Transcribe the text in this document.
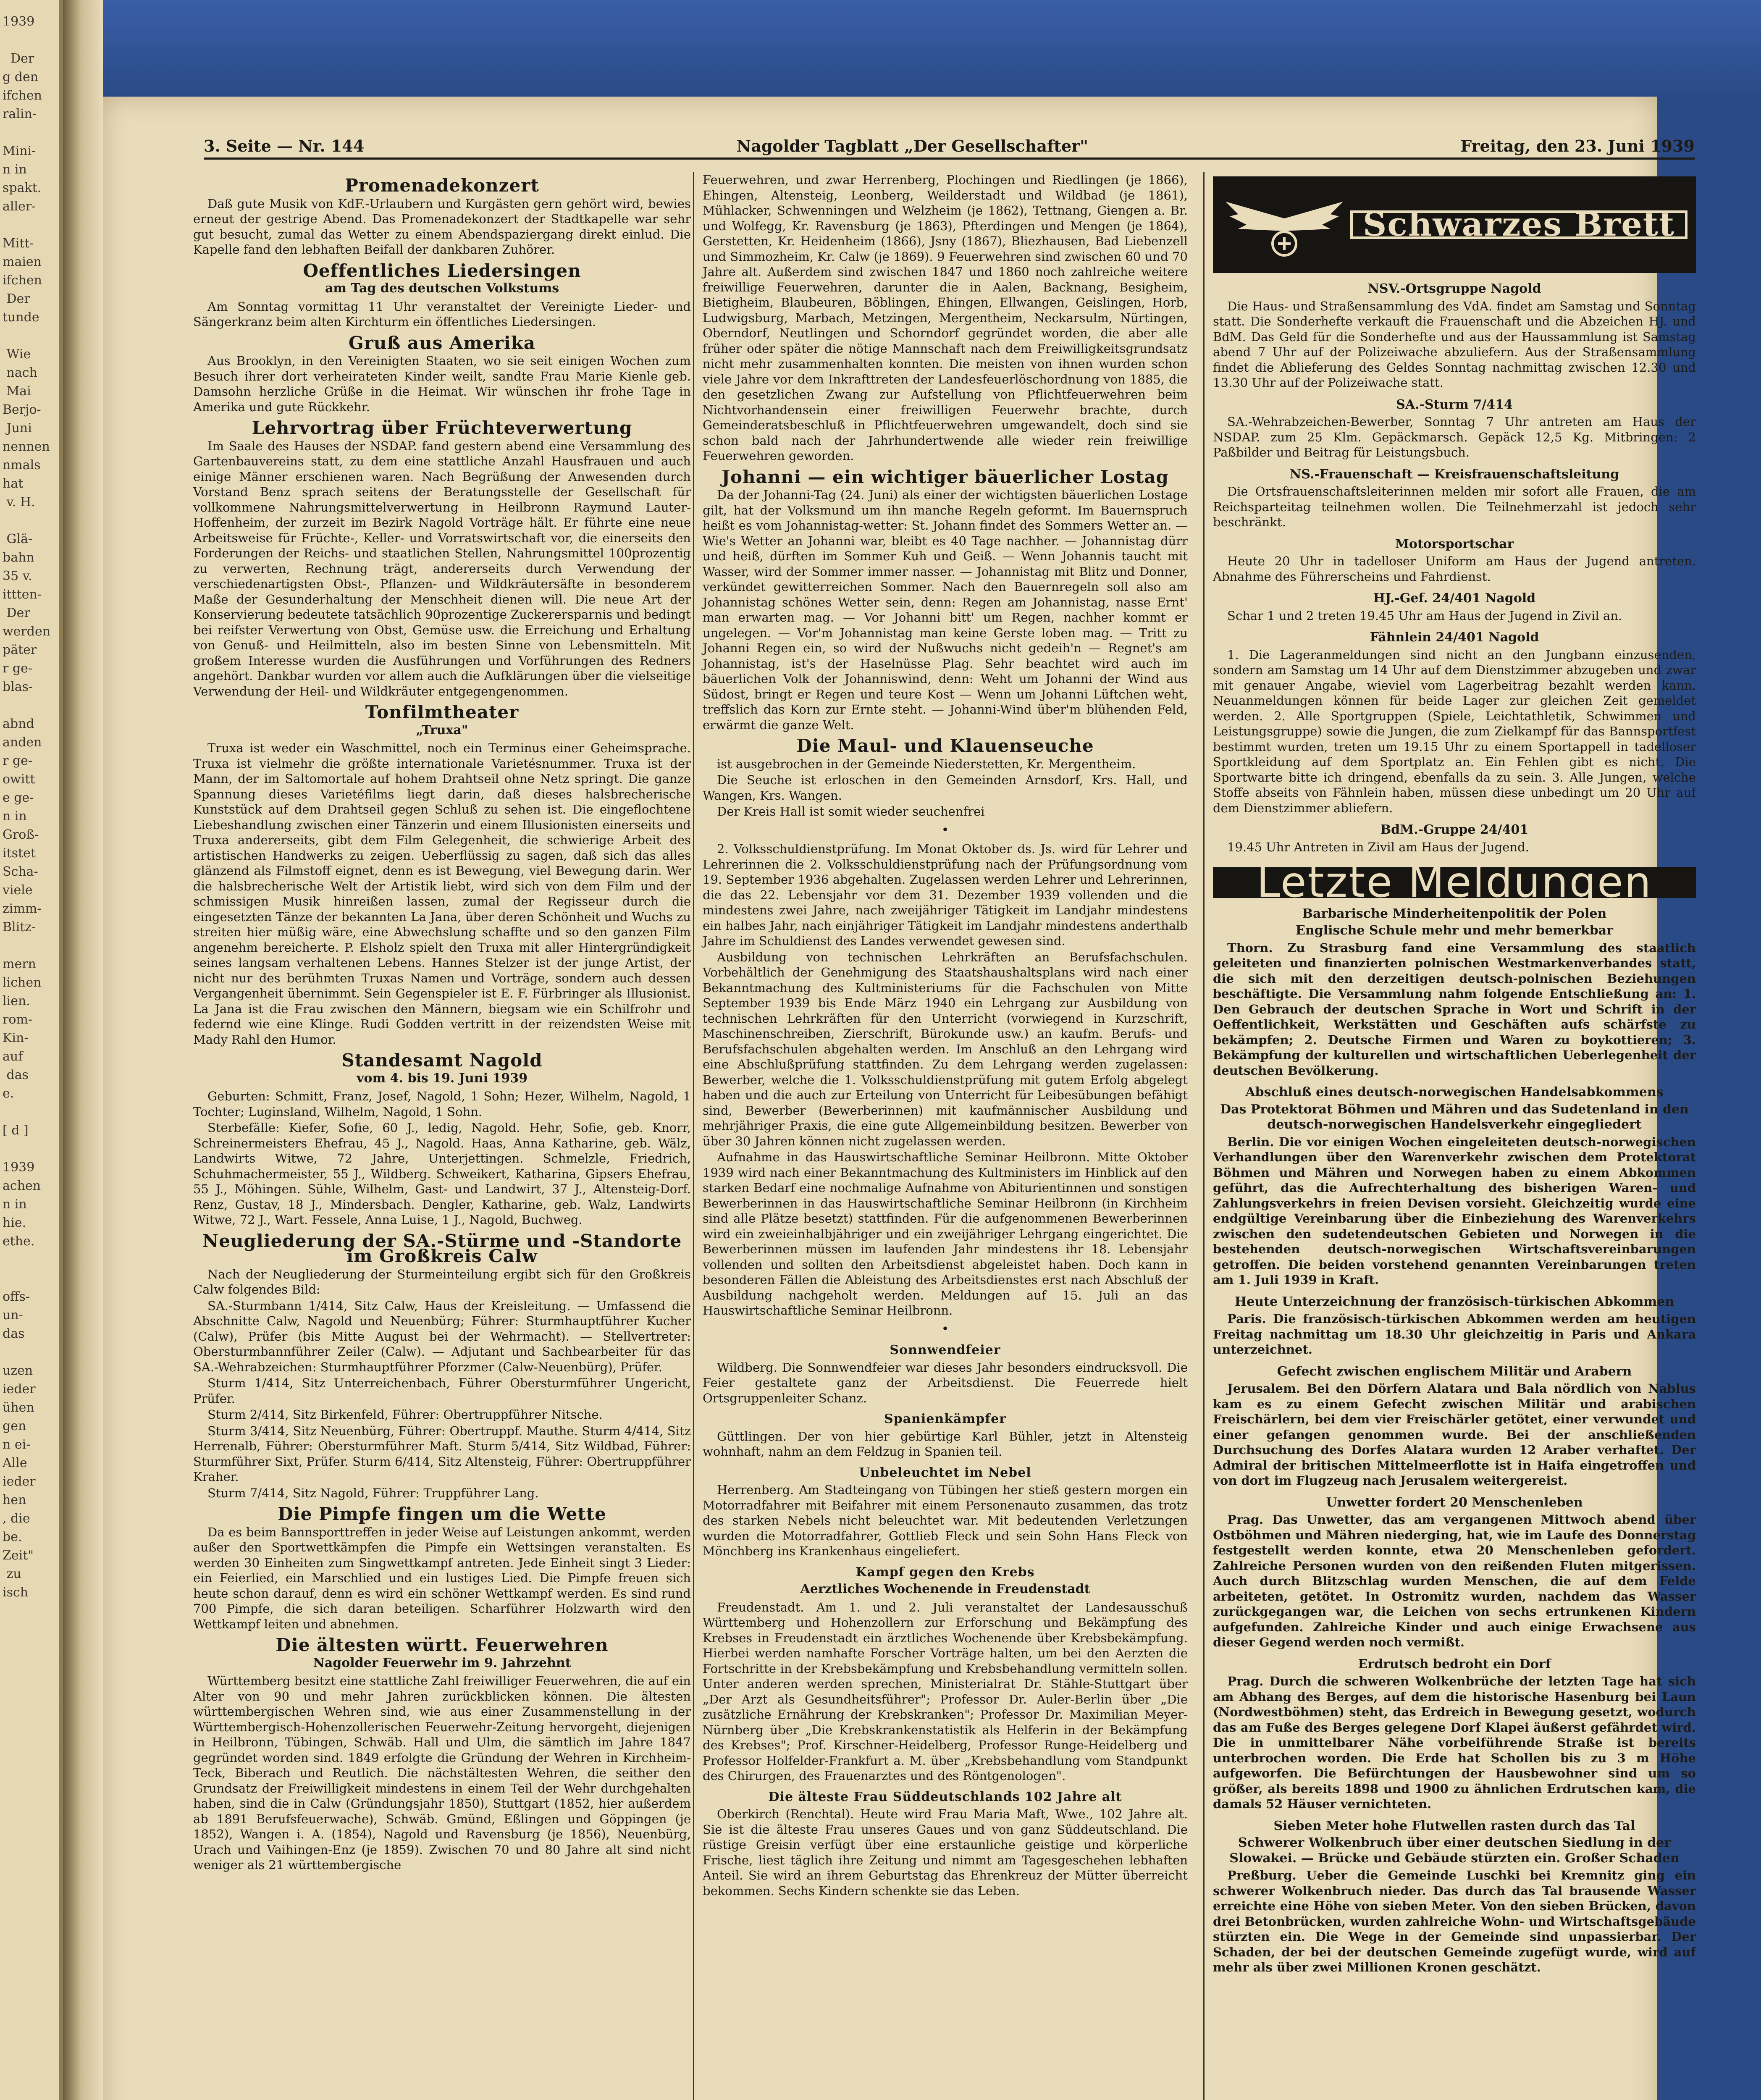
1939

Der
g den
ifchen
ralin-

Mini-
n in
spakt.
aller-

Mitt-
maien
ifchen
Der
tunde

Wie
nach
Mai
Berjo-
Juni
nennen
nmals
hat
v. H.

Glä-
bahn
35 v.
ittten-
Der
werden
päter
r ge-
blas-

abnd
anden
r ge-
owitt
e ge-
n in
Groß-
itstet
Scha-
viele
zimm-
Blitz-

mern
lichen
lien.
rom-
Kin-
auf
das
e.

[ d ]

1939
achen
n in
hie.
ethe.

offs-
un-
das

uzen
ieder
ühen
gen
n ei-
Alle
ieder
hen
, die
be.
Zeit"
zu
isch
3. Seite — Nr. 144	Nagolder Tagblatt „Der Gesellschafter"	Freitag, den 23. Juni 1939
Promenadekonzert

Daß gute Musik von KdF.-Urlaubern und Kurgästen gern gehört wird, bewies erneut der gestrige Abend. Das Promenadekonzert der Stadtkapelle war sehr gut besucht, zumal das Wetter zu einem Abendspaziergang direkt einlud. Die Kapelle fand den lebhaften Beifall der dankbaren Zuhörer.

Oeffentliches Liedersingen
am Tag des deutschen Volkstums

Am Sonntag vormittag 11 Uhr veranstaltet der Vereinigte Lieder- und Sängerkranz beim alten Kirchturm ein öffentliches Liedersingen.

Gruß aus Amerika

Aus Brooklyn, in den Vereinigten Staaten, wo sie seit einigen Wochen zum Besuch ihrer dort verheirateten Kinder weilt, sandte Frau Marie Kienle geb. Damsohn herzliche Grüße in die Heimat. Wir wünschen ihr frohe Tage in Amerika und gute Rückkehr.

Lehrvortrag über Früchteverwertung

Im Saale des Hauses der NSDAP. fand gestern abend eine Versammlung des Gartenbauvereins statt, zu dem eine stattliche Anzahl Hausfrauen und auch einige Männer erschienen waren. Nach Begrüßung der Anwesenden durch Vorstand Benz sprach seitens der Beratungsstelle der Gesellschaft für vollkommene Nahrungsmittelverwertung in Heilbronn Raymund Lauter-Hoffenheim, der zurzeit im Bezirk Nagold Vorträge hält. Er führte eine neue Arbeitsweise für Früchte-, Keller- und Vorratswirtschaft vor, die einerseits den Forderungen der Reichs- und staatlichen Stellen, Nahrungsmittel 100prozentig zu verwerten, Rechnung trägt, andererseits durch Verwendung der verschiedenartigsten Obst-, Pflanzen- und Wildkräutersäfte in besonderem Maße der Gesunderhaltung der Menschheit dienen will. Die neue Art der Konservierung bedeutete tatsächlich 90prozentige Zuckerersparnis und bedingt bei reifster Verwertung von Obst, Gemüse usw. die Erreichung und Erhaltung von Genuß- und Heilmitteln, also im besten Sinne von Lebensmitteln. Mit großem Interesse wurden die Ausführungen und Vorführungen des Redners angehört. Dankbar wurden vor allem auch die Aufklärungen über die vielseitige Verwendung der Heil- und Wildkräuter entgegengenommen.

Tonfilmtheater
„Truxa"

Truxa ist weder ein Waschmittel, noch ein Terminus einer Geheimsprache. Truxa ist vielmehr die größte internationale Varietésnummer. Truxa ist der Mann, der im Saltomortale auf hohem Drahtseil ohne Netz springt. Die ganze Spannung dieses Varietéfilms liegt darin, daß dieses halsbrecherische Kunststück auf dem Drahtseil gegen Schluß zu sehen ist. Die eingeflochtene Liebeshandlung zwischen einer Tänzerin und einem Illusionisten einerseits und Truxa andererseits, gibt dem Film Gelegenheit, die schwierige Arbeit des artistischen Handwerks zu zeigen. Ueberflüssig zu sagen, daß sich das alles glänzend als Filmstoff eignet, denn es ist Bewegung, viel Bewegung darin. Wer die halsbrecherische Welt der Artistik liebt, wird sich von dem Film und der schmissigen Musik hinreißen lassen, zumal der Regisseur durch die eingesetzten Tänze der bekannten La Jana, über deren Schönheit und Wuchs zu streiten hier müßig wäre, eine Abwechslung schaffte und so den ganzen Film angenehm bereicherte. P. Elsholz spielt den Truxa mit aller Hintergründigkeit seines langsam verhaltenen Lebens. Hannes Stelzer ist der junge Artist, der nicht nur des berühmten Truxas Namen und Vorträge, sondern auch dessen Vergangenheit übernimmt. Sein Gegenspieler ist E. F. Fürbringer als Illusionist. La Jana ist die Frau zwischen den Männern, biegsam wie ein Schilfrohr und federnd wie eine Klinge. Rudi Godden vertritt in der reizendsten Weise mit Mady Rahl den Humor.

Standesamt Nagold
vom 4. bis 19. Juni 1939

Geburten: Schmitt, Franz, Josef, Nagold, 1 Sohn; Hezer, Wilhelm, Nagold, 1 Tochter; Luginsland, Wilhelm, Nagold, 1 Sohn.

Sterbefälle: Kiefer, Sofie, 60 J., ledig, Nagold. Hehr, Sofie, geb. Knorr, Schreinermeisters Ehefrau, 45 J., Nagold. Haas, Anna Katharine, geb. Wälz, Landwirts Witwe, 72 Jahre, Unterjettingen. Schmelzle, Friedrich, Schuhmachermeister, 55 J., Wildberg. Schweikert, Katharina, Gipsers Ehefrau, 55 J., Möhingen. Sühle, Wilhelm, Gast- und Landwirt, 37 J., Altensteig-Dorf. Renz, Gustav, 18 J., Mindersbach. Dengler, Katharine, geb. Walz, Landwirts Witwe, 72 J., Wart. Fessele, Anna Luise, 1 J., Nagold, Buchweg.

Neugliederung der SA.-Stürme und -Standorte im Großkreis Calw

Nach der Neugliederung der Sturmeinteilung ergibt sich für den Großkreis Calw folgendes Bild:

SA.-Sturmbann 1/414, Sitz Calw, Haus der Kreisleitung. — Umfassend die Abschnitte Calw, Nagold und Neuenbürg; Führer: Sturmhauptführer Kucher (Calw), Prüfer (bis Mitte August bei der Wehrmacht). — Stellvertreter: Obersturmbannführer Zeiler (Calw). — Adjutant und Sachbearbeiter für das SA.-Wehrabzeichen: Sturmhauptführer Pforzmer (Calw-Neuenbürg), Prüfer.

Sturm 1/414, Sitz Unterreichenbach, Führer Obersturmführer Ungericht, Prüfer.

Sturm 2/414, Sitz Birkenfeld, Führer: Obertruppführer Nitsche.

Sturm 3/414, Sitz Neuenbürg, Führer: Obertruppf. Mauthe. Sturm 4/414, Sitz Herrenalb, Führer: Obersturmführer Maft. Sturm 5/414, Sitz Wildbad, Führer: Sturmführer Sixt, Prüfer. Sturm 6/414, Sitz Altensteig, Führer: Obertruppführer Kraher.

Sturm 7/414, Sitz Nagold, Führer: Truppführer Lang.

Die Pimpfe fingen um die Wette

Da es beim Bannsporttreffen in jeder Weise auf Leistungen ankommt, werden außer den Sportwettkämpfen die Pimpfe ein Wettsingen veranstalten. Es werden 30 Einheiten zum Singwettkampf antreten. Jede Einheit singt 3 Lieder: ein Feierlied, ein Marschlied und ein lustiges Lied. Die Pimpfe freuen sich heute schon darauf, denn es wird ein schöner Wettkampf werden. Es sind rund 700 Pimpfe, die sich daran beteiligen. Scharführer Holzwarth wird den Wettkampf leiten und abnehmen.

Die ältesten württ. Feuerwehren
Nagolder Feuerwehr im 9. Jahrzehnt

Württemberg besitzt eine stattliche Zahl freiwilliger Feuerwehren, die auf ein Alter von 90 und mehr Jahren zurückblicken können. Die ältesten württembergischen Wehren sind, wie aus einer Zusammenstellung in der Württembergisch-Hohenzollerischen Feuerwehr-Zeitung hervorgeht, diejenigen in Heilbronn, Tübingen, Schwäb. Hall und Ulm, die sämtlich im Jahre 1847 gegründet worden sind. 1849 erfolgte die Gründung der Wehren in Kirchheim-Teck, Biberach und Reutlich. Die nächstältesten Wehren, die seither den Grundsatz der Freiwilligkeit mindestens in einem Teil der Wehr durchgehalten haben, sind die in Calw (Gründungsjahr 1850), Stuttgart (1852, hier außerdem ab 1891 Berufsfeuerwache), Schwäb. Gmünd, Eßlingen und Göppingen (je 1852), Wangen i. A. (1854), Nagold und Ravensburg (je 1856), Neuenbürg, Urach und Vaihingen-Enz (je 1859). Zwischen 70 und 80 Jahre alt sind nicht weniger als 21 württembergische

Feuerwehren, und zwar Herrenberg, Plochingen und Riedlingen (je 1866), Ehingen, Altensteig, Leonberg, Weilderstadt und Wildbad (je 1861), Mühlacker, Schwenningen und Welzheim (je 1862), Tettnang, Giengen a. Br. und Wolfegg, Kr. Ravensburg (je 1863), Pfterdingen und Mengen (je 1864), Gerstetten, Kr. Heidenheim (1866), Jsny (1867), Bliezhausen, Bad Liebenzell und Simmozheim, Kr. Calw (je 1869). 9 Feuerwehren sind zwischen 60 und 70 Jahre alt. Außerdem sind zwischen 1847 und 1860 noch zahlreiche weitere freiwillige Feuerwehren, darunter die in Aalen, Backnang, Besigheim, Bietigheim, Blaubeuren, Böblingen, Ehingen, Ellwangen, Geislingen, Horb, Ludwigsburg, Marbach, Metzingen, Mergentheim, Neckarsulm, Nürtingen, Oberndorf, Neutlingen und Schorndorf gegründet worden, die aber alle früher oder später die nötige Mannschaft nach dem Freiwilligkeitsgrundsatz nicht mehr zusammenhalten konnten. Die meisten von ihnen wurden schon viele Jahre vor dem Inkrafttreten der Landesfeuerlöschordnung von 1885, die den gesetzlichen Zwang zur Aufstellung von Pflichtfeuerwehren beim Nichtvorhandensein einer freiwilligen Feuerwehr brachte, durch Gemeinderatsbeschluß in Pflichtfeuerwehren umgewandelt, doch sind sie schon bald nach der Jahrhundertwende alle wieder rein freiwillige Feuerwehren geworden.

Johanni — ein wichtiger bäuerlicher Lostag

Da der Johanni-Tag (24. Juni) als einer der wichtigsten bäuerlichen Lostage gilt, hat der Volksmund um ihn manche Regeln geformt. Im Bauernspruch heißt es vom Johannistag-wetter: St. Johann findet des Sommers Wetter an. — Wie's Wetter an Johanni war, bleibt es 40 Tage nachher. — Johannistag dürr und heiß, dürften im Sommer Kuh und Geiß. — Wenn Johannis taucht mit Wasser, wird der Sommer immer nasser. — Johannistag mit Blitz und Donner, verkündet gewitterreichen Sommer. Nach den Bauernregeln soll also am Johannistag schönes Wetter sein, denn: Regen am Johannistag, nasse Ernt' man erwarten mag. — Vor Johanni bitt' um Regen, nachher kommt er ungelegen. — Vor'm Johannistag man keine Gerste loben mag. — Tritt zu Johanni Regen ein, so wird der Nußwuchs nicht gedeih'n — Regnet's am Johannistag, ist's der Haselnüsse Plag. Sehr beachtet wird auch im bäuerlichen Volk der Johanniswind, denn: Weht um Johanni der Wind aus Südost, bringt er Regen und teure Kost — Wenn um Johanni Lüftchen weht, treffslich das Korn zur Ernte steht. — Johanni-Wind über'm blühenden Feld, erwärmt die ganze Welt.

Die Maul- und Klauenseuche

ist ausgebrochen in der Gemeinde Niederstetten, Kr. Mergentheim.

Die Seuche ist erloschen in den Gemeinden Arnsdorf, Krs. Hall, und Wangen, Krs. Wangen.

Der Kreis Hall ist somit wieder seuchenfrei

•

2. Volksschuldienstprüfung. Im Monat Oktober ds. Js. wird für Lehrer und Lehrerinnen die 2. Volksschuldienstprüfung nach der Prüfungsordnung vom 19. September 1936 abgehalten. Zugelassen werden Lehrer und Lehrerinnen, die das 22. Lebensjahr vor dem 31. Dezember 1939 vollenden und die mindestens zwei Jahre, nach zweijähriger Tätigkeit im Landjahr mindestens ein halbes Jahr, nach einjähriger Tätigkeit im Landjahr mindestens anderthalb Jahre im Schuldienst des Landes verwendet gewesen sind.

Ausbildung von technischen Lehrkräften an Berufsfachschulen. Vorbehältlich der Genehmigung des Staatshaushaltsplans wird nach einer Bekanntmachung des Kultministeriums für die Fachschulen von Mitte September 1939 bis Ende März 1940 ein Lehrgang zur Ausbildung von technischen Lehrkräften für den Unterricht (vorwiegend in Kurzschrift, Maschinenschreiben, Zierschrift, Bürokunde usw.) an kaufm. Berufs- und Berufsfachschulen abgehalten werden. Im Anschluß an den Lehrgang wird eine Abschlußprüfung stattfinden. Zu dem Lehrgang werden zugelassen: Bewerber, welche die 1. Volksschuldienstprüfung mit gutem Erfolg abgelegt haben und die auch zur Erteilung von Unterricht für Leibesübungen befähigt sind, Bewerber (Bewerberinnen) mit kaufmännischer Ausbildung und mehrjähriger Praxis, die eine gute Allgemeinbildung besitzen. Bewerber von über 30 Jahren können nicht zugelassen werden.

Aufnahme in das Hauswirtschaftliche Seminar Heilbronn. Mitte Oktober 1939 wird nach einer Bekanntmachung des Kultministers im Hinblick auf den starken Bedarf eine nochmalige Aufnahme von Abiturientinnen und sonstigen Bewerberinnen in das Hauswirtschaftliche Seminar Heilbronn (in Kirchheim sind alle Plätze besetzt) stattfinden. Für die aufgenommenen Bewerberinnen wird ein zweieinhalbjähriger und ein zweijähriger Lehrgang eingerichtet. Die Bewerberinnen müssen im laufenden Jahr mindestens ihr 18. Lebensjahr vollenden und sollten den Arbeitsdienst abgeleistet haben. Doch kann in besonderen Fällen die Ableistung des Arbeitsdienstes erst nach Abschluß der Ausbildung nachgeholt werden. Meldungen auf 15. Juli an das Hauswirtschaftliche Seminar Heilbronn.

•
Sonnwendfeier

Wildberg. Die Sonnwendfeier war dieses Jahr besonders eindrucksvoll. Die Feier gestaltete ganz der Arbeitsdienst. Die Feuerrede hielt Ortsgruppenleiter Schanz.

Spanienkämpfer

Güttlingen. Der von hier gebürtige Karl Bühler, jetzt in Altensteig wohnhaft, nahm an dem Feldzug in Spanien teil.

Unbeleuchtet im Nebel

Herrenberg. Am Stadteingang von Tübingen her stieß gestern morgen ein Motorradfahrer mit Beifahrer mit einem Personenauto zusammen, das trotz des starken Nebels nicht beleuchtet war. Mit bedeutenden Verletzungen wurden die Motorradfahrer, Gottlieb Fleck und sein Sohn Hans Fleck von Mönchberg ins Krankenhaus eingeliefert.

Kampf gegen den Krebs
Aerztliches Wochenende in Freudenstadt

Freudenstadt. Am 1. und 2. Juli veranstaltet der Landesausschuß Württemberg und Hohenzollern zur Erforschung und Bekämpfung des Krebses in Freudenstadt ein ärztliches Wochenende über Krebsbekämpfung. Hierbei werden namhafte Forscher Vorträge halten, um bei den Aerzten die Fortschritte in der Krebsbekämpfung und Krebsbehandlung vermitteln sollen. Unter anderen werden sprechen, Ministerialrat Dr. Stähle-Stuttgart über „Der Arzt als Gesundheitsführer"; Professor Dr. Auler-Berlin über „Die zusätzliche Ernährung der Krebskranken"; Professor Dr. Maximilian Meyer-Nürnberg über „Die Krebskrankenstatistik als Helferin in der Bekämpfung des Krebses"; Prof. Kirschner-Heidelberg, Professor Runge-Heidelberg und Professor Holfelder-Frankfurt a. M. über „Krebsbehandlung vom Standpunkt des Chirurgen, des Frauenarztes und des Röntgenologen".

Die älteste Frau Süddeutschlands 102 Jahre alt

Oberkirch (Renchtal). Heute wird Frau Maria Maft, Wwe., 102 Jahre alt. Sie ist die älteste Frau unseres Gaues und von ganz Süddeutschland. Die rüstige Greisin verfügt über eine erstaunliche geistige und körperliche Frische, liest täglich ihre Zeitung und nimmt am Tagesgeschehen lebhaften Anteil. Sie wird an ihrem Geburtstag das Ehrenkreuz der Mütter überreicht bekommen. Sechs Kindern schenkte sie das Leben.

Schwarzes Brett
NSV.-Ortsgruppe Nagold

Die Haus- und Straßensammlung des VdA. findet am Samstag und Sonntag statt. Die Sonderhefte verkauft die Frauenschaft und die Abzeichen HJ. und BdM. Das Geld für die Sonderhefte und aus der Haussammlung ist Samstag abend 7 Uhr auf der Polizeiwache abzuliefern. Aus der Straßensammlung findet die Ablieferung des Geldes Sonntag nachmittag zwischen 12.30 und 13.30 Uhr auf der Polizeiwache statt.

SA.-Sturm 7/414

SA.-Wehrabzeichen-Bewerber, Sonntag 7 Uhr antreten am Haus der NSDAP. zum 25 Klm. Gepäckmarsch. Gepäck 12,5 Kg. Mitbringen: 2 Paßbilder und Beitrag für Leistungsbuch.

NS.-Frauenschaft — Kreisfrauenschaftsleitung

Die Ortsfrauenschaftsleiterinnen melden mir sofort alle Frauen, die am Reichsparteitag teilnehmen wollen. Die Teilnehmerzahl ist jedoch sehr beschränkt.

Motorsportschar

Heute 20 Uhr in tadelloser Uniform am Haus der Jugend antreten. Abnahme des Führerscheins und Fahrdienst.

HJ.-Gef. 24/401 Nagold

Schar 1 und 2 treten 19.45 Uhr am Haus der Jugend in Zivil an.

Fähnlein 24/401 Nagold

1. Die Lageranmeldungen sind nicht an den Jungbann einzusenden, sondern am Samstag um 14 Uhr auf dem Dienstzimmer abzugeben und zwar mit genauer Angabe, wieviel vom Lagerbeitrag bezahlt werden kann. Neuanmeldungen können für beide Lager zur gleichen Zeit gemeldet werden. 2. Alle Sportgruppen (Spiele, Leichtathletik, Schwimmen und Leistungsgruppe) sowie die Jungen, die zum Zielkampf für das Bannsportfest bestimmt wurden, treten um 19.15 Uhr zu einem Sportappell in tadelloser Sportkleidung auf dem Sportplatz an. Ein Fehlen gibt es nicht. Die Sportwarte bitte ich dringend, ebenfalls da zu sein. 3. Alle Jungen, welche Stoffe abseits von Fähnlein haben, müssen diese unbedingt um 20 Uhr auf dem Dienstzimmer abliefern.

BdM.-Gruppe 24/401

19.45 Uhr Antreten in Zivil am Haus der Jugend.

Letzte Meldungen
Barbarische Minderheitenpolitik der Polen
Englische Schule mehr und mehr bemerkbar

Thorn. Zu Strasburg fand eine Versammlung des staatlich geleiteten und finanzierten polnischen Westmarkenverbandes statt, die sich mit den derzeitigen deutsch-polnischen Beziehungen beschäftigte. Die Versammlung nahm folgende Entschließung an: 1. Den Gebrauch der deutschen Sprache in Wort und Schrift in der Oeffentlichkeit, Werkstätten und Geschäften aufs schärfste zu bekämpfen; 2. Deutsche Firmen und Waren zu boykottieren; 3. Bekämpfung der kulturellen und wirtschaftlichen Ueberlegenheit der deutschen Bevölkerung.

Abschluß eines deutsch-norwegischen Handelsabkommens
Das Protektorat Böhmen und Mähren und das Sudetenland in den deutsch-norwegischen Handelsverkehr eingegliedert

Berlin. Die vor einigen Wochen eingeleiteten deutsch-norwegischen Verhandlungen über den Warenverkehr zwischen dem Protektorat Böhmen und Mähren und Norwegen haben zu einem Abkommen geführt, das die Aufrechterhaltung des bisherigen Waren- und Zahlungsverkehrs in freien Devisen vorsieht. Gleichzeitig wurde eine endgültige Vereinbarung über die Einbeziehung des Warenverkehrs zwischen den sudetendeutschen Gebieten und Norwegen in die bestehenden deutsch-norwegischen Wirtschaftsvereinbarungen getroffen. Die beiden vorstehend genannten Vereinbarungen treten am 1. Juli 1939 in Kraft.

Heute Unterzeichnung der französisch-türkischen Abkommen

Paris. Die französisch-türkischen Abkommen werden am heutigen Freitag nachmittag um 18.30 Uhr gleichzeitig in Paris und Ankara unterzeichnet.

Gefecht zwischen englischem Militär und Arabern

Jerusalem. Bei den Dörfern Alatara und Bala nördlich von Nablus kam es zu einem Gefecht zwischen Militär und arabischen Freischärlern, bei dem vier Freischärler getötet, einer verwundet und einer gefangen genommen wurde. Bei der anschließenden Durchsuchung des Dorfes Alatara wurden 12 Araber verhaftet. Der Admiral der britischen Mittelmeerflotte ist in Haifa eingetroffen und von dort im Flugzeug nach Jerusalem weitergereist.

Unwetter fordert 20 Menschenleben

Prag. Das Unwetter, das am vergangenen Mittwoch abend über Ostböhmen und Mähren niederging, hat, wie im Laufe des Donnerstag festgestellt werden konnte, etwa 20 Menschenleben gefordert. Zahlreiche Personen wurden von den reißenden Fluten mitgerissen. Auch durch Blitzschlag wurden Menschen, die auf dem Felde arbeiteten, getötet. In Ostromitz wurden, nachdem das Wasser zurückgegangen war, die Leichen von sechs ertrunkenen Kindern aufgefunden. Zahlreiche Kinder und auch einige Erwachsene aus dieser Gegend werden noch vermißt.

Erdrutsch bedroht ein Dorf

Prag. Durch die schweren Wolkenbrüche der letzten Tage hat sich am Abhang des Berges, auf dem die historische Hasenburg bei Laun (Nordwestböhmen) steht, das Erdreich in Bewegung gesetzt, wodurch das am Fuße des Berges gelegene Dorf Klapei äußerst gefährdet wird. Die in unmittelbarer Nähe vorbeiführende Straße ist bereits unterbrochen worden. Die Erde hat Schollen bis zu 3 m Höhe aufgeworfen. Die Befürchtungen der Hausbewohner sind um so größer, als bereits 1898 und 1900 zu ähnlichen Erdrutschen kam, die damals 52 Häuser vernichteten.

Sieben Meter hohe Flutwellen rasten durch das Tal
Schwerer Wolkenbruch über einer deutschen Siedlung in der Slowakei. — Brücke und Gebäude stürzten ein. Großer Schaden

Preßburg. Ueber die Gemeinde Luschki bei Kremnitz ging ein schwerer Wolkenbruch nieder. Das durch das Tal brausende Wasser erreichte eine Höhe von sieben Meter. Von den sieben Brücken, davon drei Betonbrücken, wurden zahlreiche Wohn- und Wirtschaftsgebäude stürzten ein. Die Wege in der Gemeinde sind unpassierbar. Der Schaden, der bei der deutschen Gemeinde zugefügt wurde, wird auf mehr als über zwei Millionen Kronen geschätzt.
